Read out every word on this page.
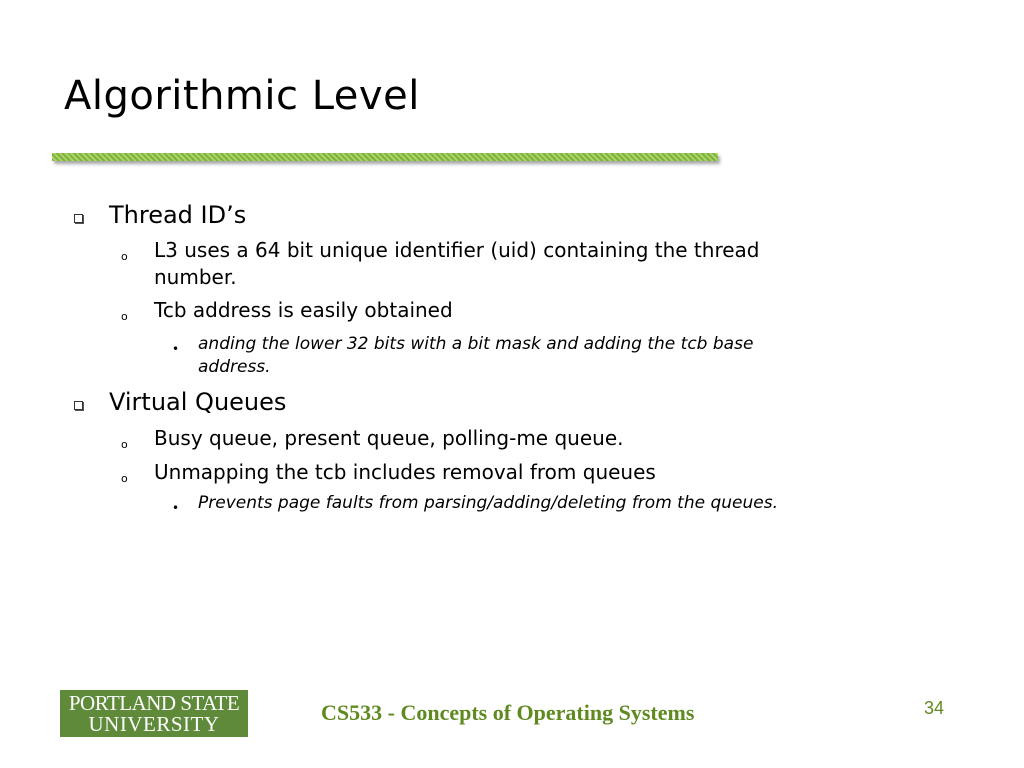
Algorithmic Level
Thread ID’s
o L3 uses a 64 bit unique identifier (uid) containing the thread
number.
o Tcb address is easily obtained
• anding the lower 32 bits with a bit mask and adding the tcb base
address.
Virtual Queues
o Busy queue, present queue, polling-me queue.
o Unmapping the tcb includes removal from queues
• Prevents page faults from parsing/adding/deleting from the queues.
PORTLAND STATE
UNIVERSITY	CS533 - Concepts of Operating Systems	34
